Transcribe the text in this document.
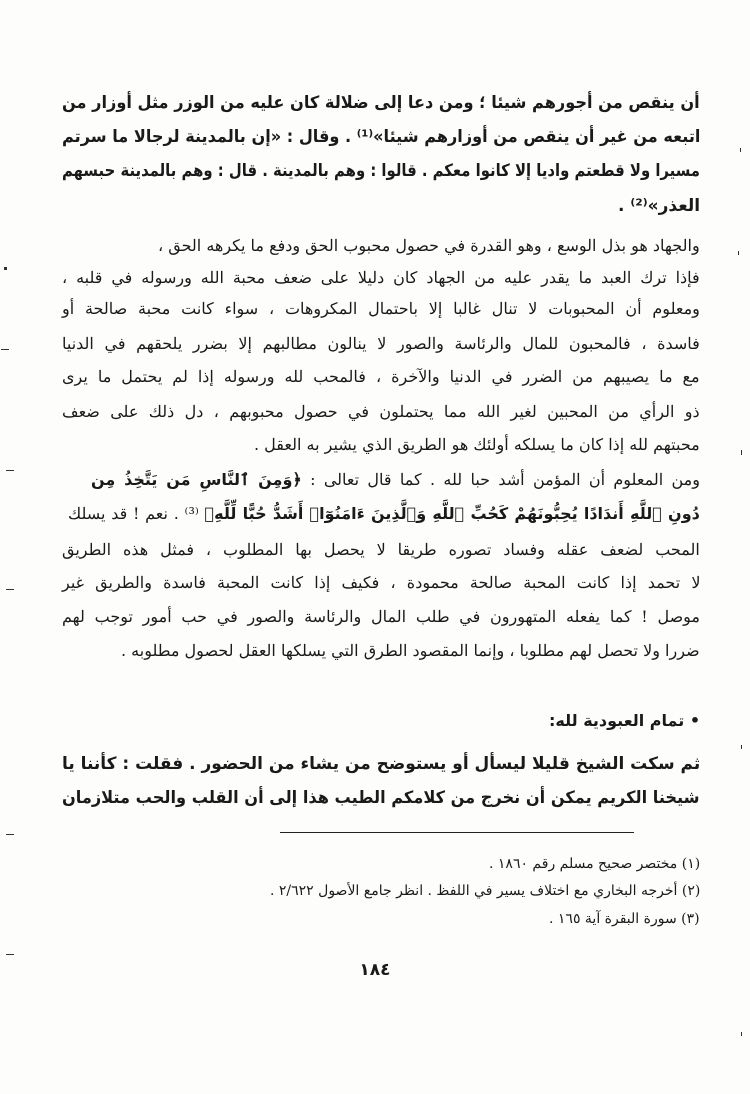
أن ينقص من أجورهم شيئا ؛ ومن دعا إلى ضلالة كان عليه من الوزر مثل أوزار من
اتبعه من غير أن ينقص من أوزارهم شيئا»⁽¹⁾ . وقال : «إن بالمدينة لرجالا ما سرتم
مسيرا ولا قطعتم واديا إلا كانوا معكم . قالوا : وهم بالمدينة . قال : وهم بالمدينة حبسهم
العذر»⁽²⁾ .
والجهاد هو بذل الوسع ، وهو القدرة في حصول محبوب الحق ودفع ما يكرهه الحق ،
فإذا ترك العبد ما يقدر عليه من الجهاد كان دليلا على ضعف محبة الله ورسوله في قلبه ،
ومعلوم أن المحبوبات لا تنال غالبا إلا باحتمال المكروهات ، سواء كانت محبة صالحة أو
فاسدة ، فالمحبون للمال والرئاسة والصور لا ينالون مطالبهم إلا بضرر يلحقهم في الدنيا
مع ما يصيبهم من الضرر في الدنيا والآخرة ، فالمحب لله ورسوله إذا لم يحتمل ما يرى
ذو الرأي من المحبين لغير الله مما يحتملون في حصول محبوبهم ، دل ذلك على ضعف
محبتهم لله إذا كان ما يسلكه أولئك هو الطريق الذي يشير به العقل .
ومن المعلوم أن المؤمن أشد حبا لله . كما قال تعالى : ﴿وَمِنَ ٱلنَّاسِ مَن يَتَّخِذُ مِن
دُونِ ٱللَّهِ أَندَادًا يُحِبُّونَهُمْ كَحُبِّ ٱللَّهِ وَٱلَّذِينَ ءَامَنُوٓا۟ أَشَدُّ حُبًّا لِّلَّهِ﴾ ⁽³⁾ . نعم ! قد يسلك
المحب لضعف عقله وفساد تصوره طريقا لا يحصل بها المطلوب ، فمثل هذه الطريق
لا تحمد إذا كانت المحبة صالحة محمودة ، فكيف إذا كانت المحبة فاسدة والطريق غير
موصل ! كما يفعله المتهورون في طلب المال والرئاسة والصور في حب أمور توجب لهم
ضررا ولا تحصل لهم مطلوبا ، وإنما المقصود الطرق التي يسلكها العقل لحصول مطلوبه .
• تمام العبودية لله:
ثم سكت الشيخ قليلا ليسأل أو يستوضح من يشاء من الحضور . فقلت : كأننا يا
شيخنا الكريم يمكن أن نخرج من كلامكم الطيب هذا إلى أن القلب والحب متلازمان
(١) مختصر صحيح مسلم رقم ١٨٦٠ .
(٢) أخرجه البخاري مع اختلاف يسير في اللفظ . انظر جامع الأصول ٢/٦٢٢ .
(٣) سورة البقرة آية ١٦٥ .
١٨٤
